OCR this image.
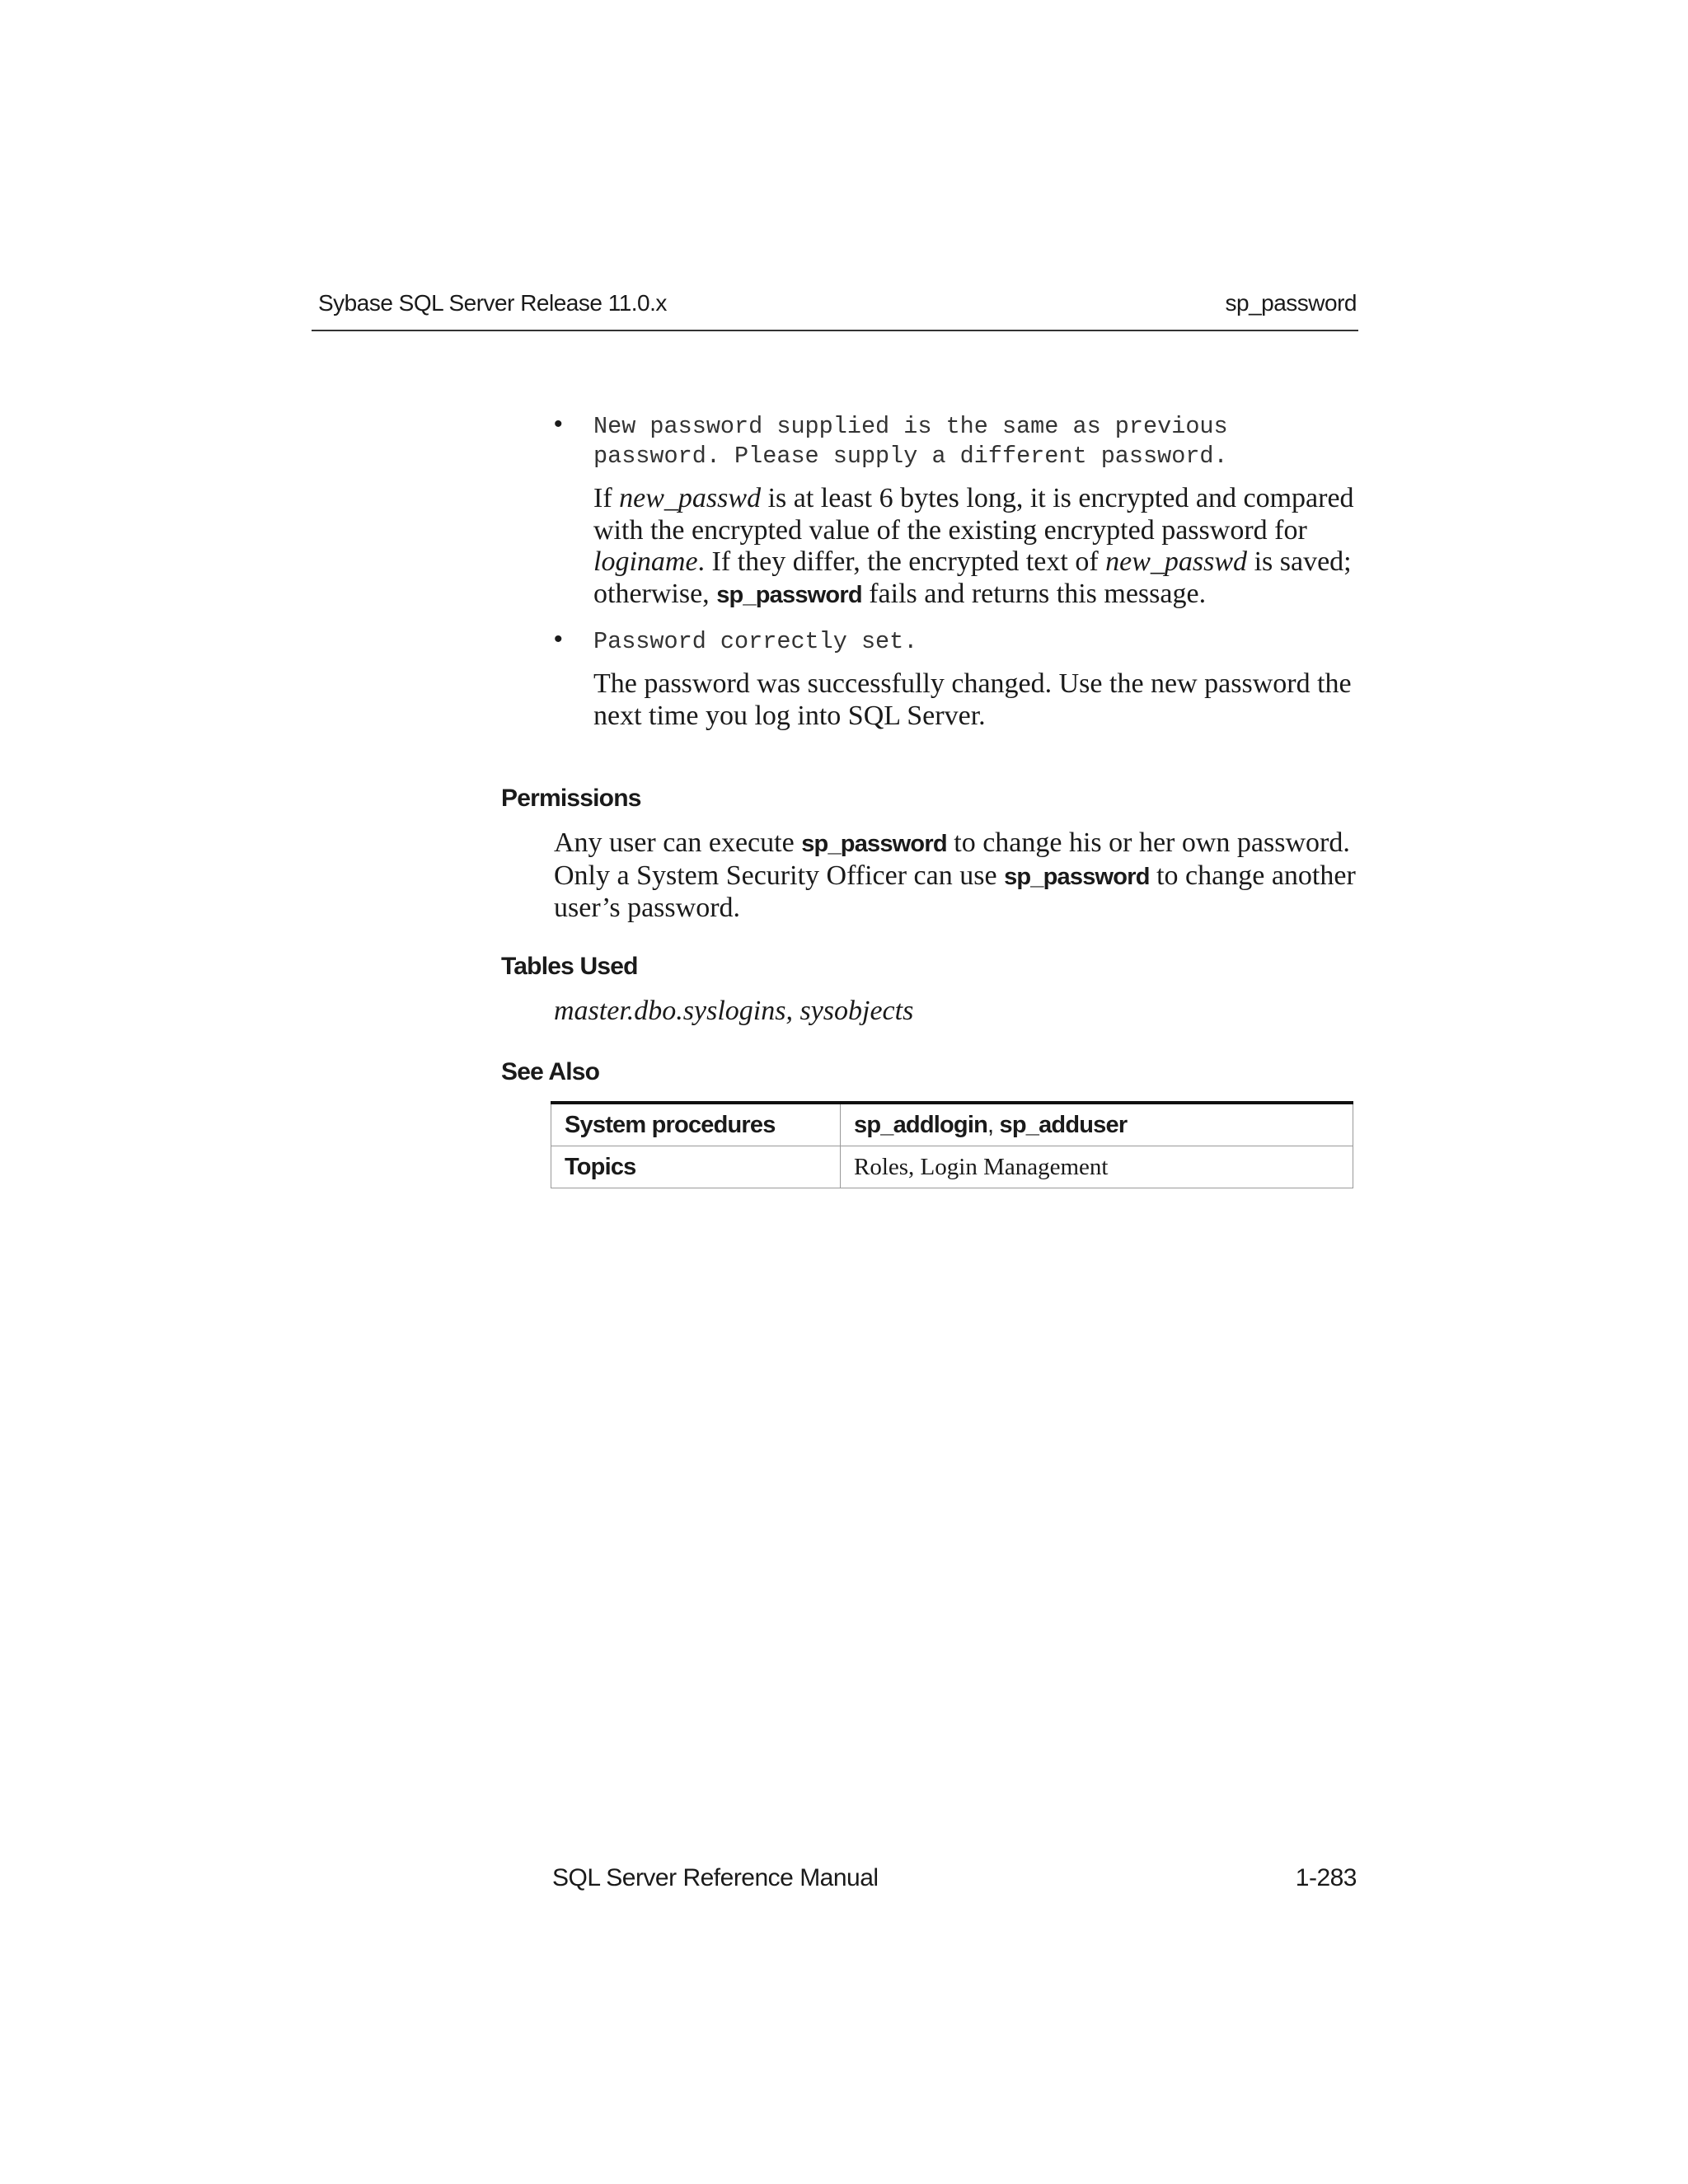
Sybase SQL Server Release 11.0.x	sp_password
• New password supplied is the same as previous
password. Please supply a different password.
If new_passwd is at least 6 bytes long, it is encrypted and compared with the encrypted value of the existing encrypted password for loginame. If they differ, the encrypted text of new_passwd is saved; otherwise, sp_password fails and returns this message.
• Password correctly set.
The password was successfully changed. Use the new password the next time you log into SQL Server.
Permissions
Any user can execute sp_password to change his or her own password. Only a System Security Officer can use sp_password to change another user’s password.
Tables Used
master.dbo.syslogins, sysobjects
See Also
System procedures	sp_addlogin, sp_adduser
Topics	Roles, Login Management
SQL Server Reference Manual	1-283
